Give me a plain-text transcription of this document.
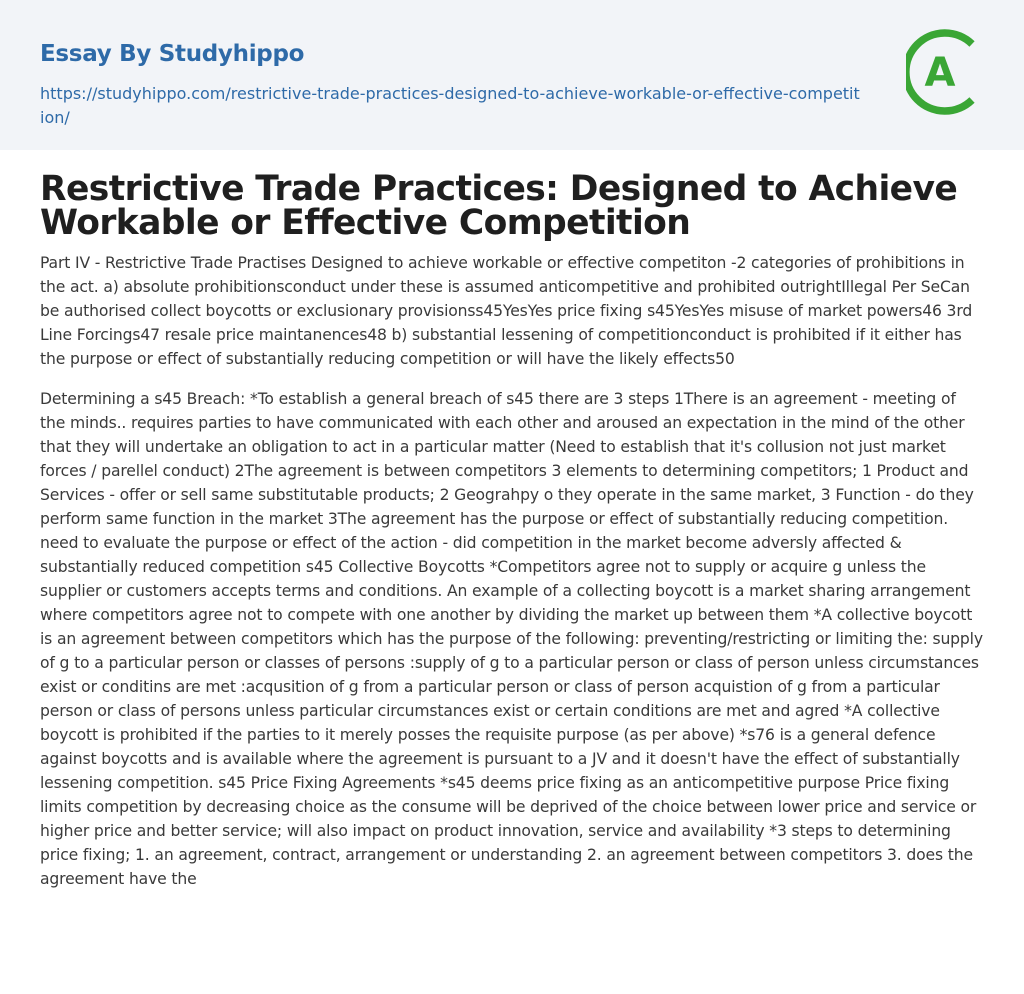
Essay By Studyhippo
https://studyhippo.com/restrictive-trade-practices-designed-to-achieve-workable-or-effective-competition/
A
Restrictive Trade Practices: Designed to Achieve Workable or Effective Competition

Part IV - Restrictive Trade Practises Designed to achieve workable or effective competiton -2 categories of prohibitions in the act. a) absolute prohibitionsconduct under these is assumed anticompetitive and prohibited outrightIllegal Per SeCan be authorised collect boycotts or exclusionary provisionss45YesYes price fixing s45YesYes misuse of market powers46 3rd Line Forcings47 resale price maintanences48 b) substantial lessening of competitionconduct is prohibited if it either has the purpose or effect of substantially reducing competition or will have the likely effects50

Determining a s45 Breach: *To establish a general breach of s45 there are 3 steps 1There is an agreement - meeting of the minds.. requires parties to have communicated with each other and aroused an expectation in the mind of the other that they will undertake an obligation to act in a particular matter (Need to establish that it's collusion not just market forces / parellel conduct) 2The agreement is between competitors 3 elements to determining competitors; 1 Product and Services - offer or sell same substitutable products; 2 Geograhpy o they operate in the same market, 3 Function - do they perform same function in the market 3The agreement has the purpose or effect of substantially reducing competition. need to evaluate the purpose or effect of the action - did competition in the market become adversly affected & substantially reduced competition s45 Collective Boycotts *Competitors agree not to supply or acquire g unless the supplier or customers accepts terms and conditions. An example of a collecting boycott is a market sharing arrangement where competitors agree not to compete with one another by dividing the market up between them *A collective boycott is an agreement between competitors which has the purpose of the following: preventing/restricting or limiting the: supply of g to a particular person or classes of persons :supply of g to a particular person or class of person unless circumstances exist or conditins are met :acqusition of g from a particular person or class of person acquistion of g from a particular person or class of persons unless particular circumstances exist or certain conditions are met and agred *A collective boycott is prohibited if the parties to it merely posses the requisite purpose (as per above) *s76 is a general defence against boycotts and is available where the agreement is pursuant to a JV and it doesn't have the effect of substantially lessening competition. s45 Price Fixing Agreements *s45 deems price fixing as an anticompetitive purpose Price fixing limits competition by decreasing choice as the consume will be deprived of the choice between lower price and service or higher price and better service; will also impact on product innovation, service and availability *3 steps to determining price fixing; 1. an agreement, contract, arrangement or understanding 2. an agreement between competitors 3. does the agreement have the
